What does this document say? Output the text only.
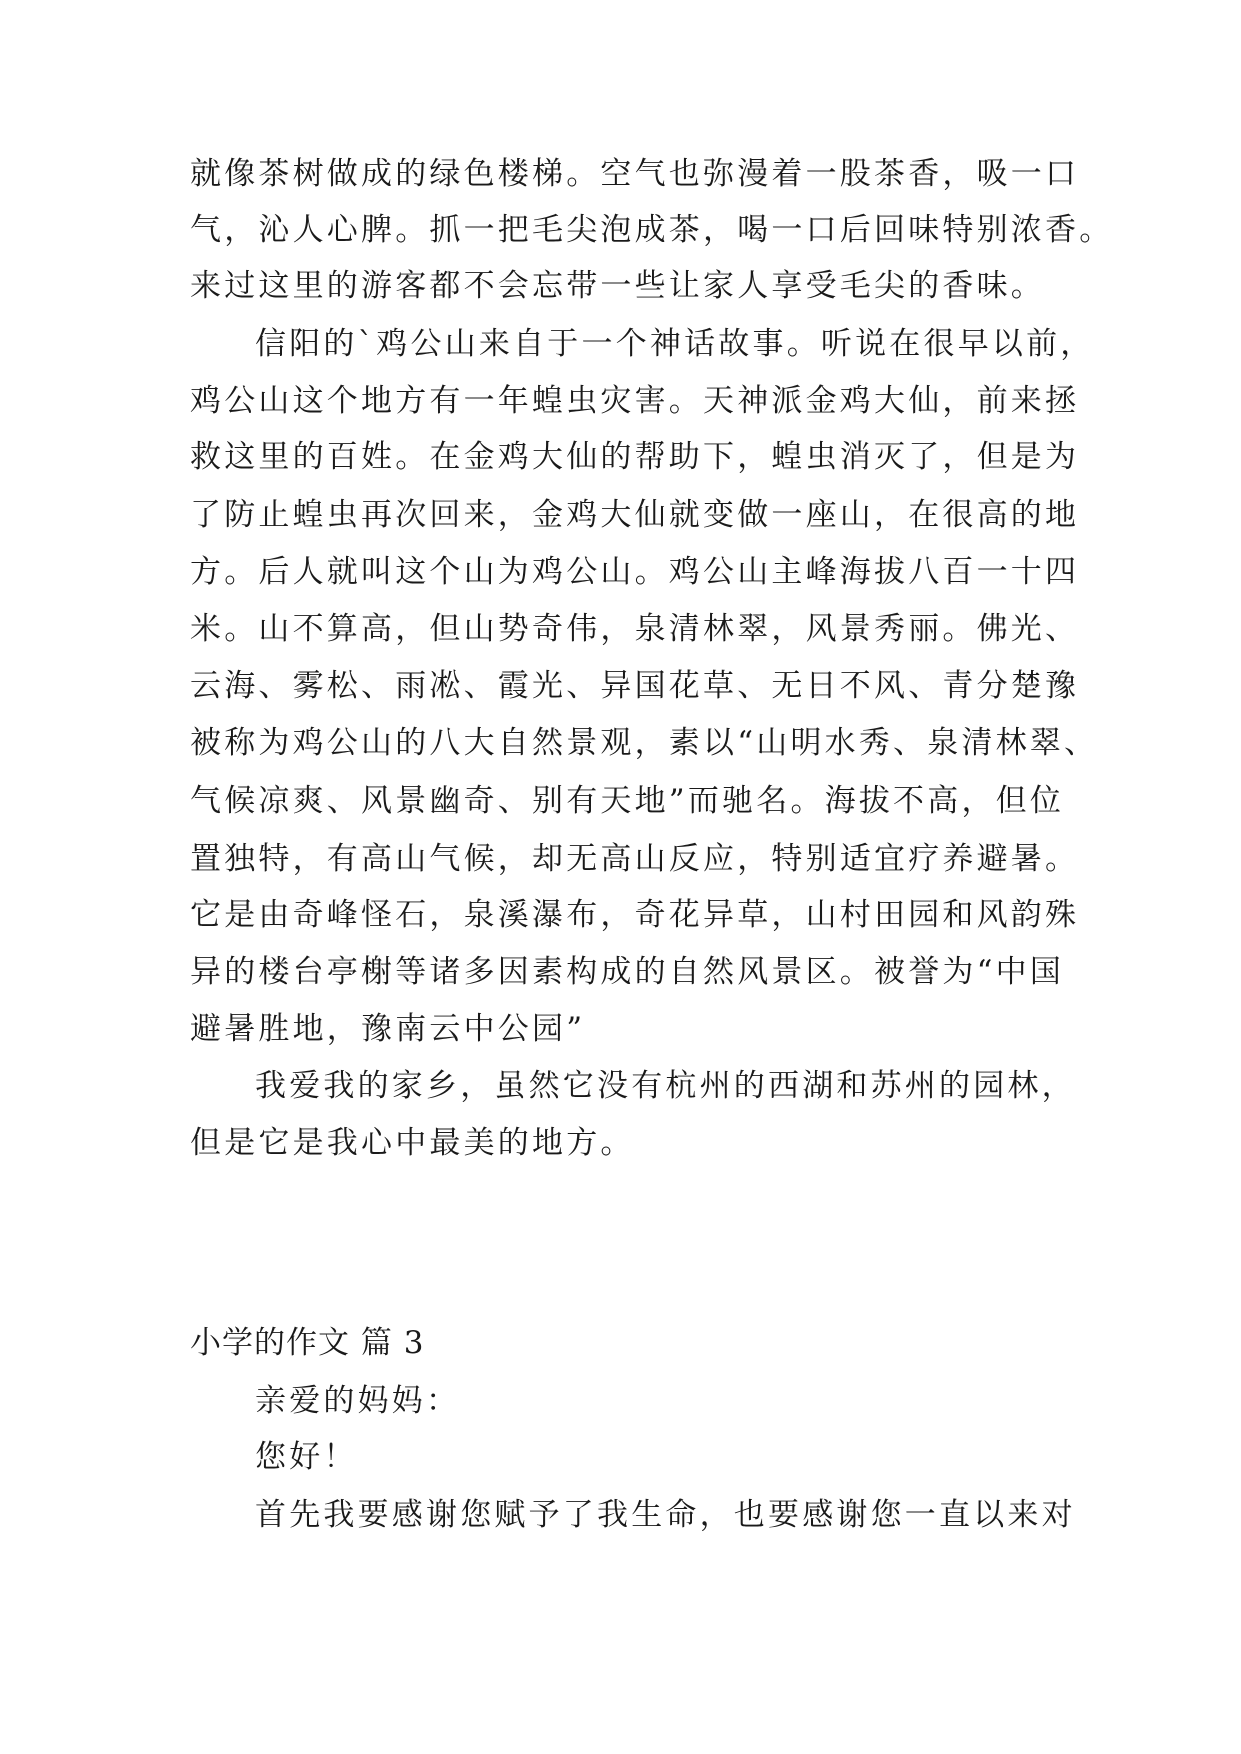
就像茶树做成的绿色楼梯。空气也弥漫着一股茶香，吸一口
气，沁人心脾。抓一把毛尖泡成茶，喝一口后回味特别浓香。
来过这里的游客都不会忘带一些让家人享受毛尖的香味。
信阳的`鸡公山来自于一个神话故事。听说在很早以前，
鸡公山这个地方有一年蝗虫灾害。天神派金鸡大仙，前来拯
救这里的百姓。在金鸡大仙的帮助下，蝗虫消灭了，但是为
了防止蝗虫再次回来，金鸡大仙就变做一座山，在很高的地
方。后人就叫这个山为鸡公山。鸡公山主峰海拔八百一十四
米。山不算高，但山势奇伟，泉清林翠，风景秀丽。佛光、
云海、雾松、雨凇、霞光、异国花草、无日不风、青分楚豫
被称为鸡公山的八大自然景观，素以“山明水秀、泉清林翠、
气候凉爽、风景幽奇、别有天地”而驰名。海拔不高，但位
置独特，有高山气候，却无高山反应，特别适宜疗养避暑。
它是由奇峰怪石，泉溪瀑布，奇花异草，山村田园和风韵殊
异的楼台亭榭等诸多因素构成的自然风景区。被誉为“中国
避暑胜地，豫南云中公园”
我爱我的家乡，虽然它没有杭州的西湖和苏州的园林，
但是它是我心中最美的地方。
小学的作文 篇 3
亲爱的妈妈：
您好！
首先我要感谢您赋予了我生命，也要感谢您一直以来对
